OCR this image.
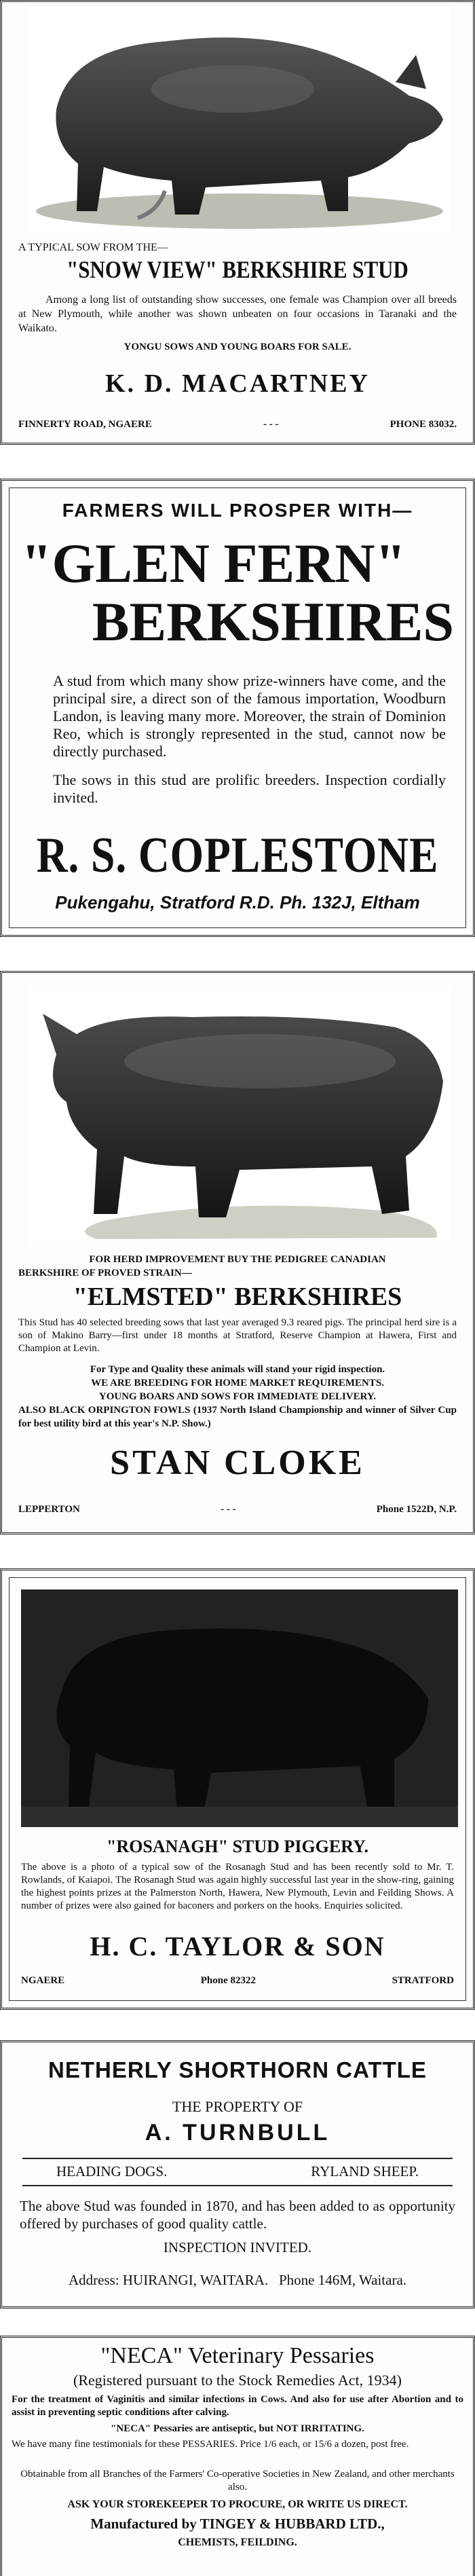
A TYPICAL SOW FROM THE—
"SNOW VIEW" BERKSHIRE STUD
Among a long list of outstanding show successes, one female was Champion over all breeds at New Plymouth, while another was shown unbeaten on four occasions in Taranaki and the Waikato.
YONGU SOWS AND YOUNG BOARS FOR SALE.
K. D. MACARTNEY
FINNERTY ROAD, NGAERE	- - -	PHONE 83032.
FARMERS WILL PROSPER WITH—
"GLEN FERN"
BERKSHIRES
A stud from which many show prize-winners have come, and the principal sire, a direct son of the famous importation, Woodburn Landon, is leaving many more. Moreover, the strain of Dominion Reo, which is strongly represented in the stud, cannot now be directly purchased.
The sows in this stud are prolific breeders. Inspection cordially invited.
R. S. COPLESTONE
Pukengahu, Stratford R.D. Ph. 132J, Eltham
FOR HERD IMPROVEMENT BUY THE PEDIGREE CANADIAN
BERKSHIRE OF PROVED STRAIN—
"ELMSTED" BERKSHIRES
This Stud has 40 selected breeding sows that last year averaged 9.3 reared pigs. The principal herd sire is a son of Makino Barry—first under 18 months at Stratford, Reserve Champion at Hawera, First and Champion at Levin.
For Type and Quality these animals will stand your rigid inspection.
WE ARE BREEDING FOR HOME MARKET REQUIREMENTS.
YOUNG BOARS AND SOWS FOR IMMEDIATE DELIVERY.
ALSO BLACK ORPINGTON FOWLS (1937 North Island Championship and winner of Silver Cup for best utility bird at this year's N.P. Show.)
STAN CLOKE
LEPPERTON	- - -	Phone 1522D, N.P.
"ROSANAGH" STUD PIGGERY.
The above is a photo of a typical sow of the Rosanagh Stud and has been recently sold to Mr. T. Rowlands, of Kaiapoi. The Rosanagh Stud was again highly successful last year in the show-ring, gaining the highest points prizes at the Palmerston North, Hawera, New Plymouth, Levin and Feilding Shows. A number of prizes were also gained for baconers and porkers on the hooks. Enquiries solicited.
H. C. TAYLOR & SON
NGAERE	Phone 82322	STRATFORD
NETHERLY SHORTHORN CATTLE
THE PROPERTY OF
A. TURNBULL
HEADING DOGS.	RYLAND SHEEP.
The above Stud was founded in 1870, and has been added to as opportunity offered by purchases of good quality cattle.
INSPECTION INVITED.
Address: HUIRANGI, WAITARA.   Phone 146M, Waitara.
"NECA" Veterinary Pessaries
(Registered pursuant to the Stock Remedies Act, 1934)
For the treatment of Vaginitis and similar infections in Cows. And also for use after Abortion and to assist in preventing septic conditions after calving.
"NECA" Pessaries are antiseptic, but NOT IRRITATING.
We have many fine testimonials for these PESSARIES. Price 1/6 each, or 15/6 a dozen, post free.
Obtainable from all Branches of the Farmers' Co-operative Societies in New Zealand, and other merchants also.
ASK YOUR STOREKEEPER TO PROCURE, OR WRITE US DIRECT.
Manufactured by TINGEY & HUBBARD LTD.,
CHEMISTS, FEILDING.
